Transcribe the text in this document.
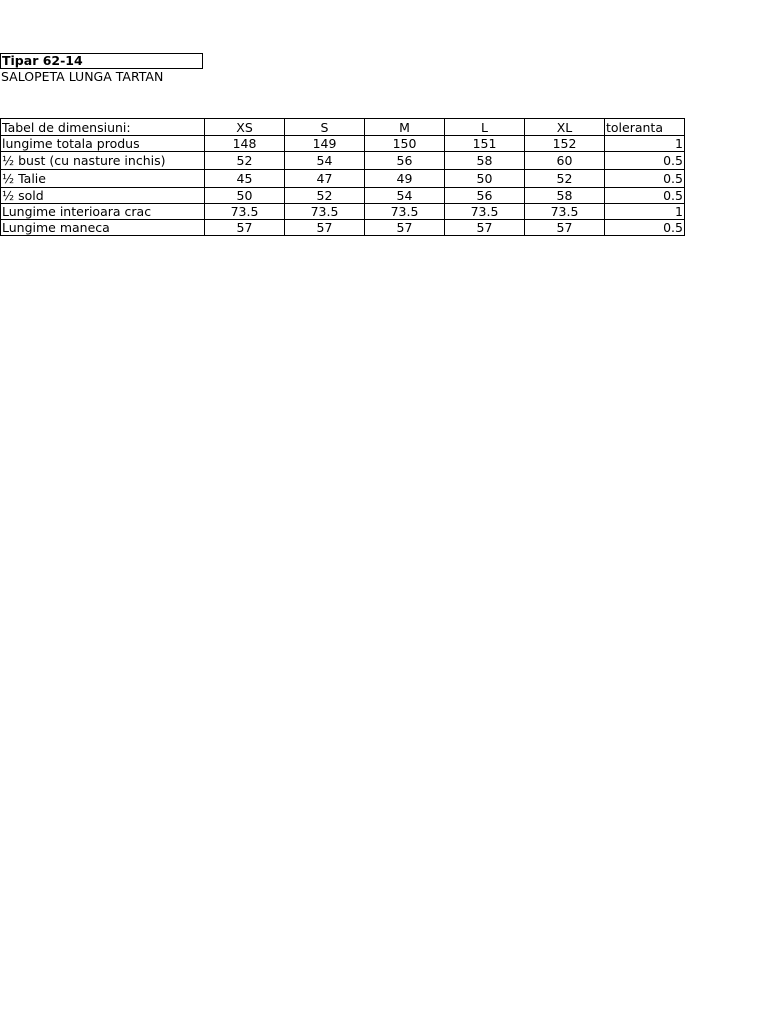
Tipar 62-14
SALOPETA LUNGA TARTAN
Tabel de dimensiuni:	XS	S	M	L	XL	toleranta
lungime totala produs	148	149	150	151	152	1
½ bust (cu nasture inchis)	52	54	56	58	60	0.5
½ Talie	45	47	49	50	52	0.5
½ sold	50	52	54	56	58	0.5
Lungime interioara crac	73.5	73.5	73.5	73.5	73.5	1
Lungime maneca	57	57	57	57	57	0.5
